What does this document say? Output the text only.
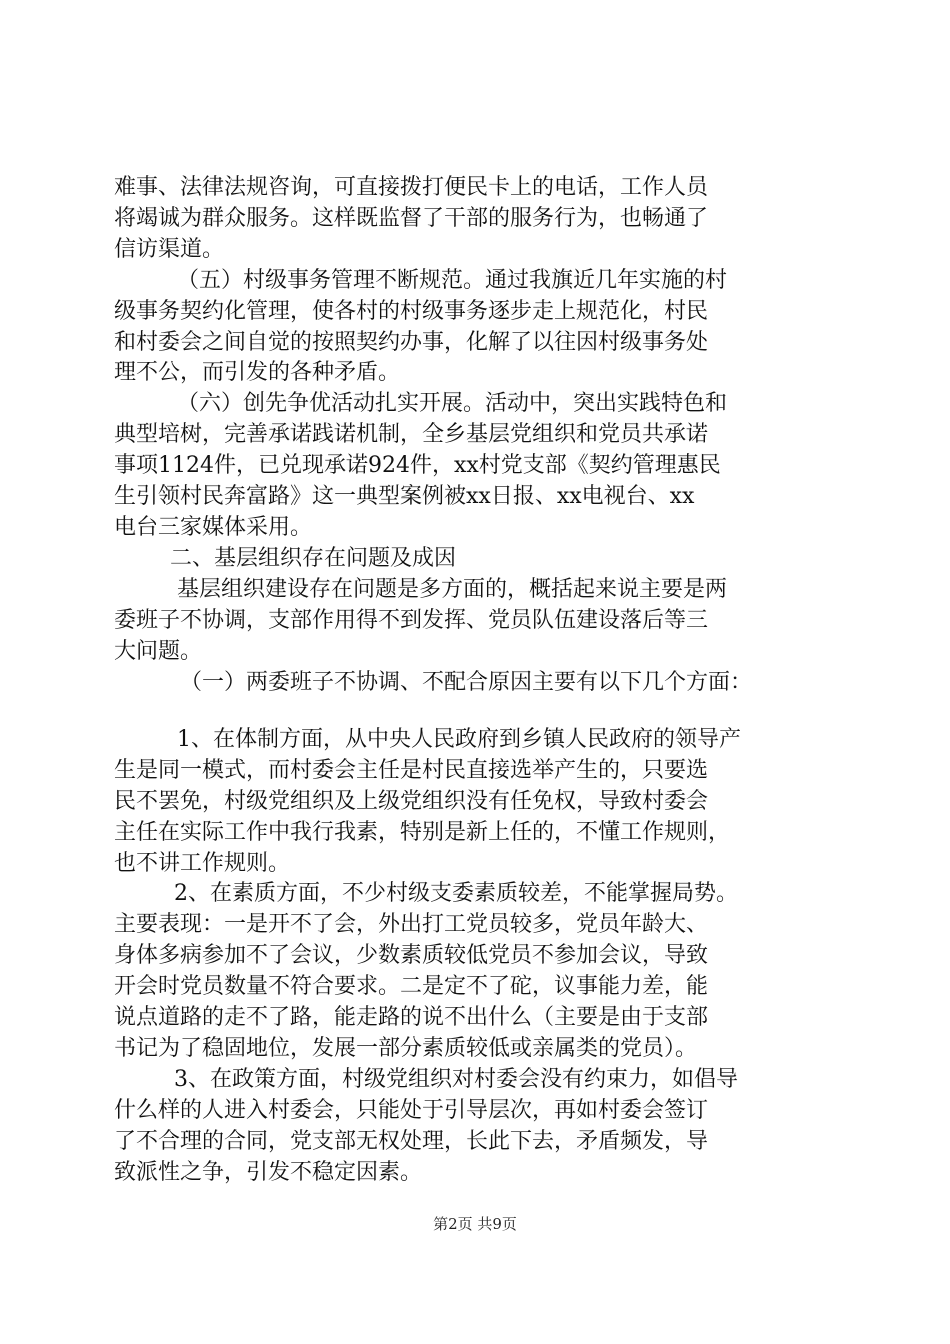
难事、法律法规咨询，可直接拨打便民卡上的电话，工作人员
将竭诚为群众服务。这样既监督了干部的服务行为，也畅通了
信访渠道。
（五）村级事务管理不断规范。通过我旗近几年实施的村
级事务契约化管理，使各村的村级事务逐步走上规范化，村民
和村委会之间自觉的按照契约办事，化解了以往因村级事务处
理不公，而引发的各种矛盾。
（六）创先争优活动扎实开展。活动中，突出实践特色和
典型培树，完善承诺践诺机制，全乡基层党组织和党员共承诺
事项1124件，已兑现承诺924件，xx村党支部《契约管理惠民
生引领村民奔富路》这一典型案例被xx日报、xx电视台、xx
电台三家媒体采用。
二、基层组织存在问题及成因
基层组织建设存在问题是多方面的，概括起来说主要是两
委班子不协调，支部作用得不到发挥、党员队伍建设落后等三
大问题。
（一）两委班子不协调、不配合原因主要有以下几个方面：
1、在体制方面，从中央人民政府到乡镇人民政府的领导产
生是同一模式，而村委会主任是村民直接选举产生的，只要选
民不罢免，村级党组织及上级党组织没有任免权，导致村委会
主任在实际工作中我行我素，特别是新上任的，不懂工作规则，
也不讲工作规则。
2、在素质方面，不少村级支委素质较差，不能掌握局势。
主要表现：一是开不了会，外出打工党员较多，党员年龄大、
身体多病参加不了会议，少数素质较低党员不参加会议，导致
开会时党员数量不符合要求。二是定不了砣，议事能力差，能
说点道路的走不了路，能走路的说不出什么（主要是由于支部
书记为了稳固地位，发展一部分素质较低或亲属类的党员）。
3、在政策方面，村级党组织对村委会没有约束力，如倡导
什么样的人进入村委会，只能处于引导层次，再如村委会签订
了不合理的合同，党支部无权处理，长此下去，矛盾频发，导
致派性之争，引发不稳定因素。
第2页 共9页
